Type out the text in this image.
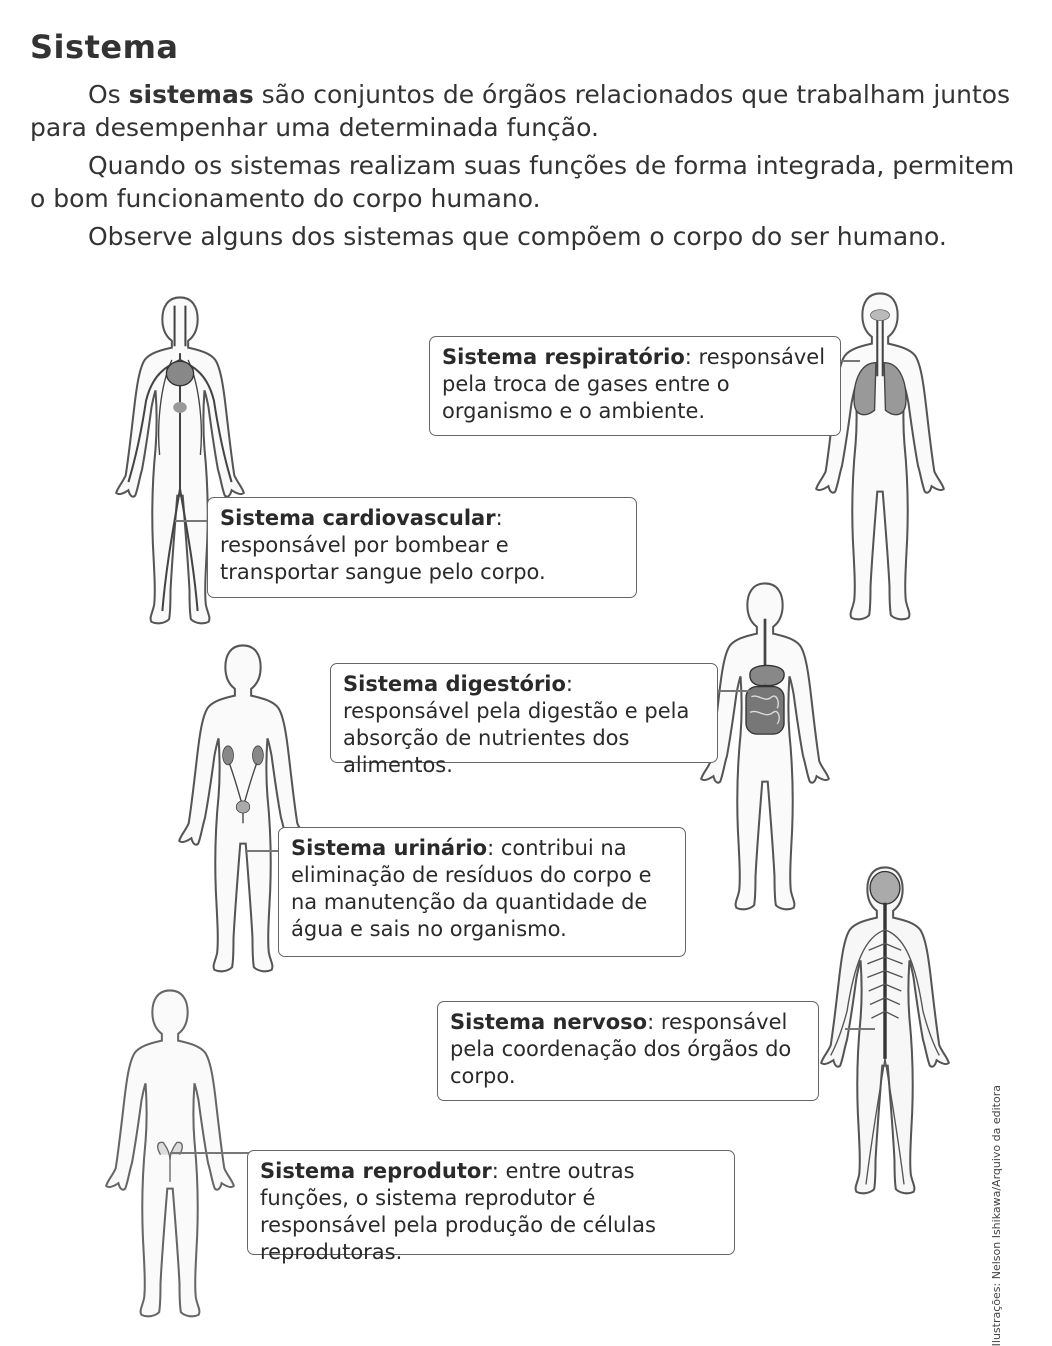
Sistema

Os sistemas são conjuntos de órgãos relacionados que trabalham juntos para desempenhar uma determinada função.

Quando os sistemas realizam suas funções de forma integrada, permitem o bom funcionamento do corpo humano.

Observe alguns dos sistemas que compõem o corpo do ser humano.

Sistema respiratório: responsável pela troca de gases entre o organismo e o ambiente.
Sistema cardiovascular: responsável por bombear e transportar sangue pelo corpo.
Sistema digestório: responsável pela digestão e pela absorção de nutrientes dos alimentos.
Sistema urinário: contribui na eliminação de resíduos do corpo e na manutenção da quantidade de água e sais no organismo.
Sistema nervoso: responsável pela coordenação dos órgãos do corpo.
Sistema reprodutor: entre outras funções, o sistema reprodutor é responsável pela produção de células reprodutoras.	Ilustrações: Nelson Ishikawa/Arquivo da editora
